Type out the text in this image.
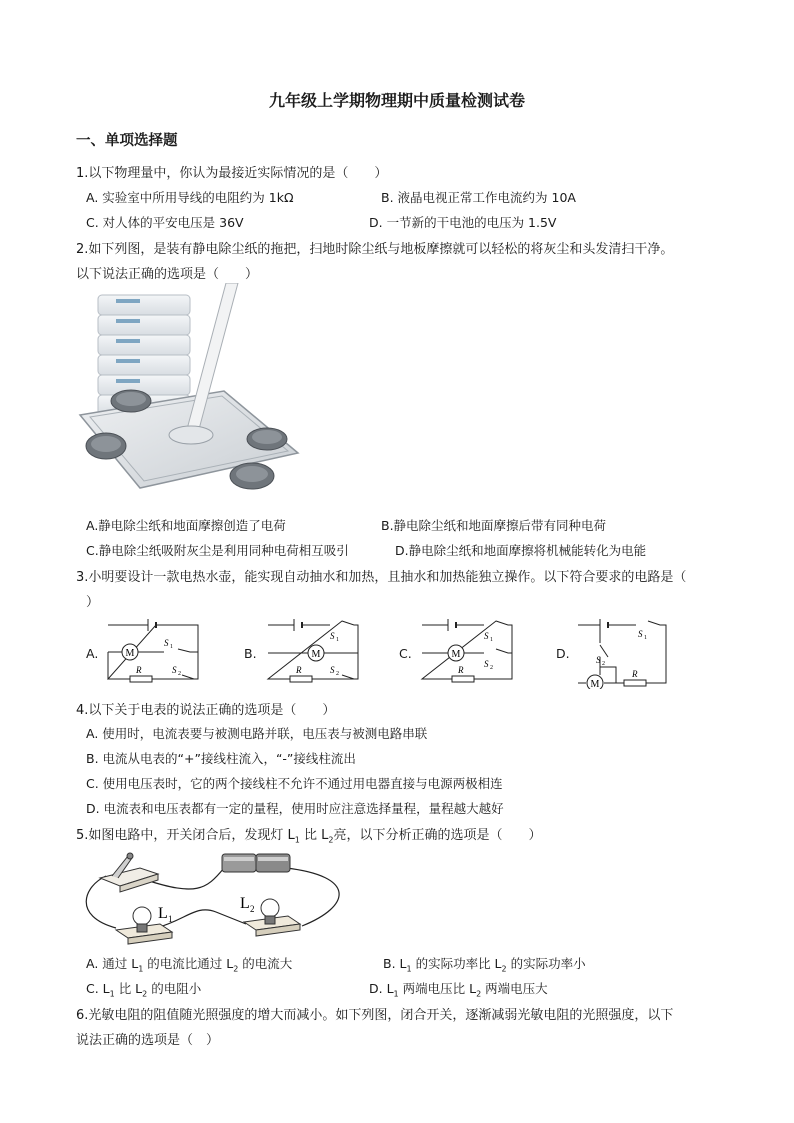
九年级上学期物理期中质量检测试卷
一、单项选择题
1.以下物理量中，你认为最接近实际情况的是（　　）
A. 实验室中所用导线的电阻约为 1kΩ	B. 液晶电视正常工作电流约为 10A
C. 对人体的平安电压是 36V	D. 一节新的干电池的电压为 1.5V
2.如下列图，是装有静电除尘纸的拖把，扫地时除尘纸与地板摩擦就可以轻松的将灰尘和头发清扫干净。
以下说法正确的选项是（　　）
A.静电除尘纸和地面摩擦创造了电荷	B.静电除尘纸和地面摩擦后带有同种电荷
C.静电除尘纸吸附灰尘是利用同种电荷相互吸引	D.静电除尘纸和地面摩擦将机械能转化为电能
3.小明要设计一款电热水壶，能实现自动抽水和加热，且抽水和加热能独立操作。以下符合要求的电路是（
）
A.	M
S 1
R	S 2
B.	M
S 1
R	S 2
C.	M
S 1
S 2
R
D.
M
S 1
S 2
R
4.以下关于电表的说法正确的选项是（　　）
A. 使用时，电流表要与被测电路并联，电压表与被测电路串联
B. 电流从电表的“+”接线柱流入，“-”接线柱流出
C. 使用电压表时，它的两个接线柱不允许不通过用电器直接与电源两极相连
D. 电流表和电压表都有一定的量程，使用时应注意选择量程，量程越大越好
5.如图电路中，开关闭合后，发现灯 $L_1$ 比 $L_2$亮，以下分析正确的选项是（　　）
L 1
L 2
A. 通过 $L_1$ 的电流比通过 $L_2$ 的电流大	B. $L_1$ 的实际功率比 $L_2$ 的实际功率小
C. $L_1$ 比 $L_2$ 的电阻小	D. $L_1$ 两端电压比 $L_2$ 两端电压大
6.光敏电阻的阻值随光照强度的增大而减小。如下列图，闭合开关，逐渐减弱光敏电阻的光照强度，以下
说法正确的选项是（　）
